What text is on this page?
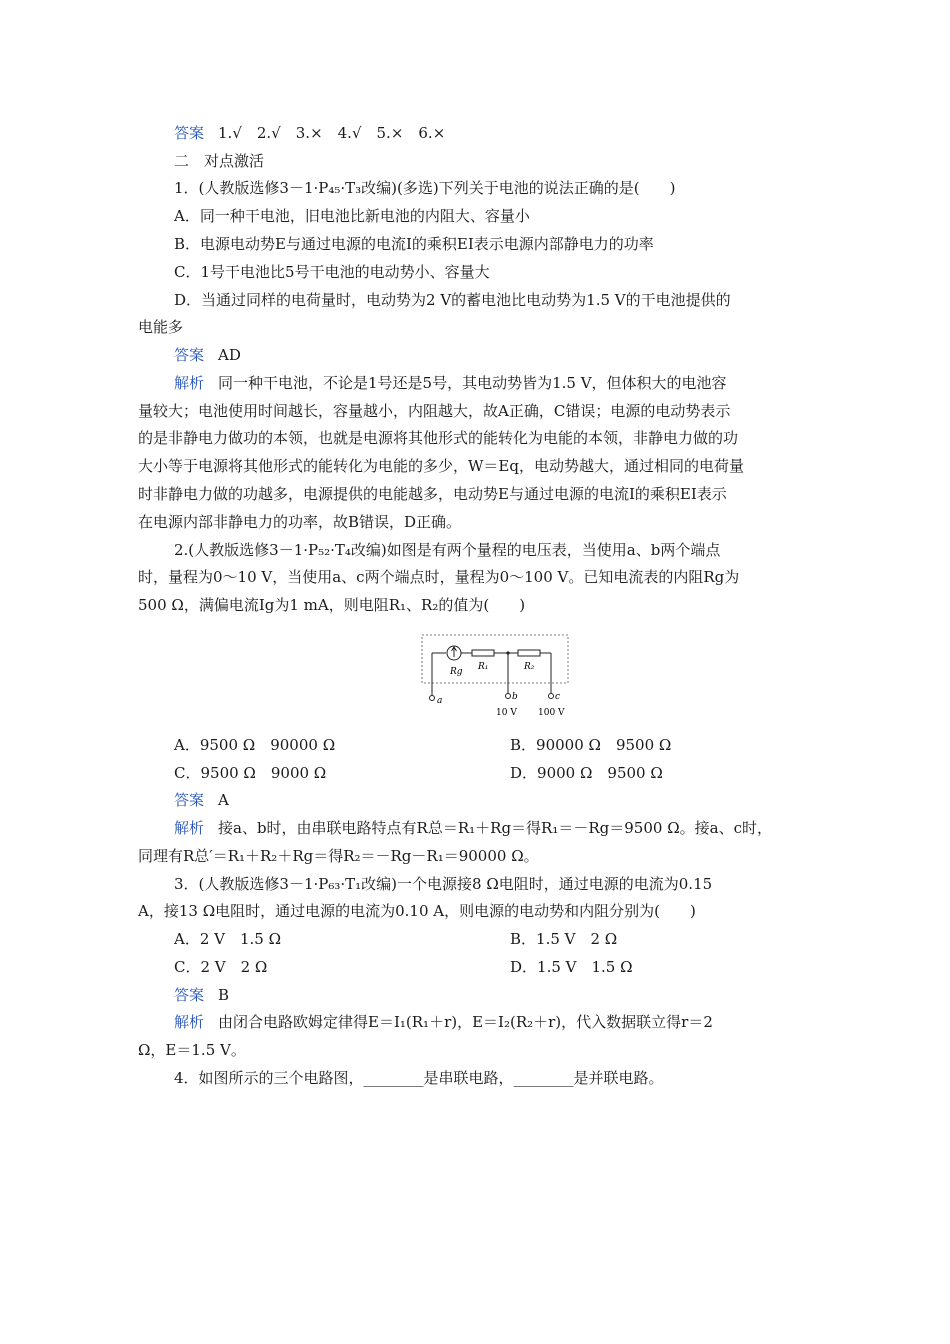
答案 1.√　2.√　3.×　4.√　5.×　6.×
二　对点激活
1．(人教版选修3－1·P₄₅·T₃改编)(多选)下列关于电池的说法正确的是(　　)
A．同一种干电池，旧电池比新电池的内阻大、容量小
B．电源电动势E与通过电源的电流I的乘积EI表示电源内部静电力的功率
C．1号干电池比5号干电池的电动势小、容量大
D．当通过同样的电荷量时，电动势为2 V的蓄电池比电动势为1.5 V的干电池提供的
电能多
答案 AD
解析 同一种干电池，不论是1号还是5号，其电动势皆为1.5 V，但体积大的电池容
量较大；电池使用时间越长，容量越小，内阻越大，故A正确，C错误；电源的电动势表示
的是非静电力做功的本领，也就是电源将其他形式的能转化为电能的本领，非静电力做的功
大小等于电源将其他形式的能转化为电能的多少，W＝Eq，电动势越大，通过相同的电荷量
时非静电力做的功越多，电源提供的电能越多，电动势E与通过电源的电流I的乘积EI表示
在电源内部非静电力的功率，故B错误，D正确。
2.(人教版选修3－1·P₅₂·T₄改编)如图是有两个量程的电压表，当使用a、b两个端点
时，量程为0～10 V，当使用a、c两个端点时，量程为0～100 V。已知电流表的内阻Rg为
500 Ω，满偏电流Ig为1 mA，则电阻R₁、R₂的值为(　　)
Rg R₁	R₂
a	b	c
10 V 100 V
A．9500 Ω　90000 Ω	B．90000 Ω　9500 Ω
C．9500 Ω　9000 Ω	D．9000 Ω　9500 Ω
答案 A
解析 接a、b时，由串联电路特点有R总＝R₁＋Rg＝得R₁＝－Rg＝9500 Ω。接a、c时，
同理有R总′＝R₁＋R₂＋Rg＝得R₂＝－Rg－R₁＝90000 Ω。
3．(人教版选修3－1·P₆₃·T₁改编)一个电源接8 Ω电阻时，通过电源的电流为0.15
A，接13 Ω电阻时，通过电源的电流为0.10 A，则电源的电动势和内阻分别为(　　)
A．2 V　1.5 Ω	B．1.5 V　2 Ω
C．2 V　2 Ω	D．1.5 V　1.5 Ω
答案 B
解析 由闭合电路欧姆定律得E＝I₁(R₁＋r)，E＝I₂(R₂＋r)，代入数据联立得r＝2
Ω，E＝1.5 V。
4．如图所示的三个电路图，________是串联电路，________是并联电路。
